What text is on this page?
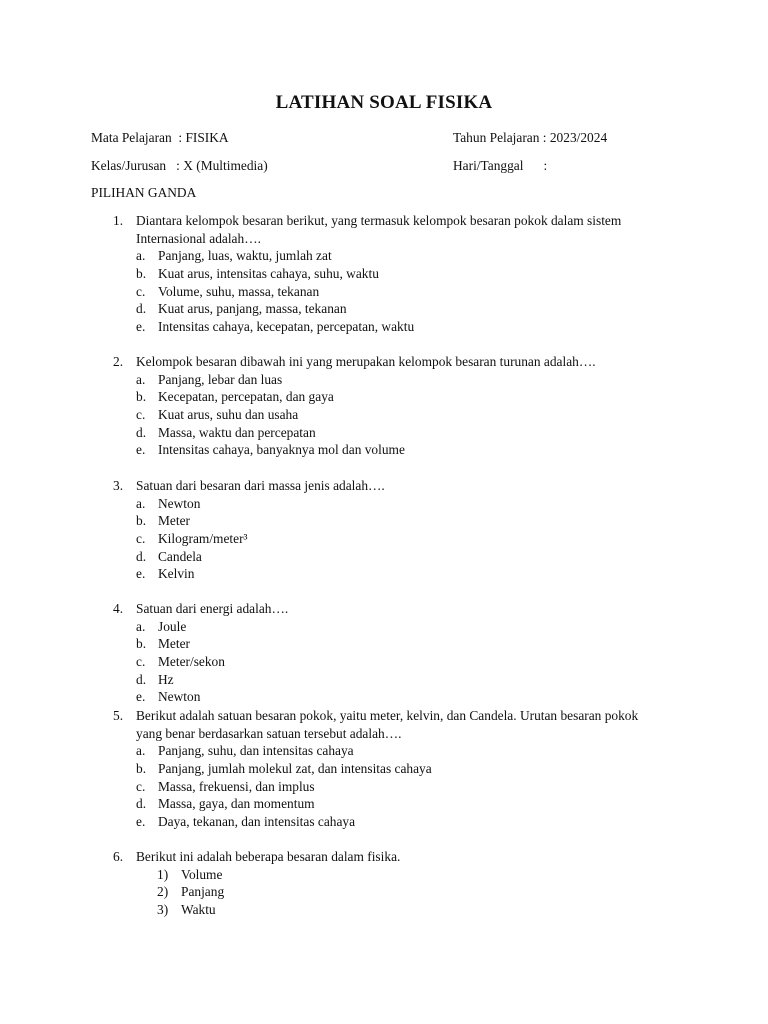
LATIHAN SOAL FISIKA
Mata Pelajaran  : FISIKA	Tahun Pelajaran : 2023/2024
Kelas/Jurusan   : X (Multimedia)	Hari/Tanggal      :
PILIHAN GANDA
1. Diantara kelompok besaran berikut, yang termasuk kelompok besaran pokok dalam sistem
Internasional adalah….
a. Panjang, luas, waktu, jumlah zat
b. Kuat arus, intensitas cahaya, suhu, waktu
c. Volume, suhu, massa, tekanan
d. Kuat arus, panjang, massa, tekanan
e. Intensitas cahaya, kecepatan, percepatan, waktu
2. Kelompok besaran dibawah ini yang merupakan kelompok besaran turunan adalah….
a. Panjang, lebar dan luas
b. Kecepatan, percepatan, dan gaya
c. Kuat arus, suhu dan usaha
d. Massa, waktu dan percepatan
e. Intensitas cahaya, banyaknya mol dan volume
3. Satuan dari besaran dari massa jenis adalah….
a. Newton
b. Meter
c. Kilogram/meter³
d. Candela
e. Kelvin
4. Satuan dari energi adalah….
a. Joule
b. Meter
c. Meter/sekon
d. Hz
e. Newton
5. Berikut adalah satuan besaran pokok, yaitu meter, kelvin, dan Candela. Urutan besaran pokok
yang benar berdasarkan satuan tersebut adalah….
a. Panjang, suhu, dan intensitas cahaya
b. Panjang, jumlah molekul zat, dan intensitas cahaya
c. Massa, frekuensi, dan implus
d. Massa, gaya, dan momentum
e. Daya, tekanan, dan intensitas cahaya
6. Berikut ini adalah beberapa besaran dalam fisika.
1) Volume
2) Panjang
3) Waktu
